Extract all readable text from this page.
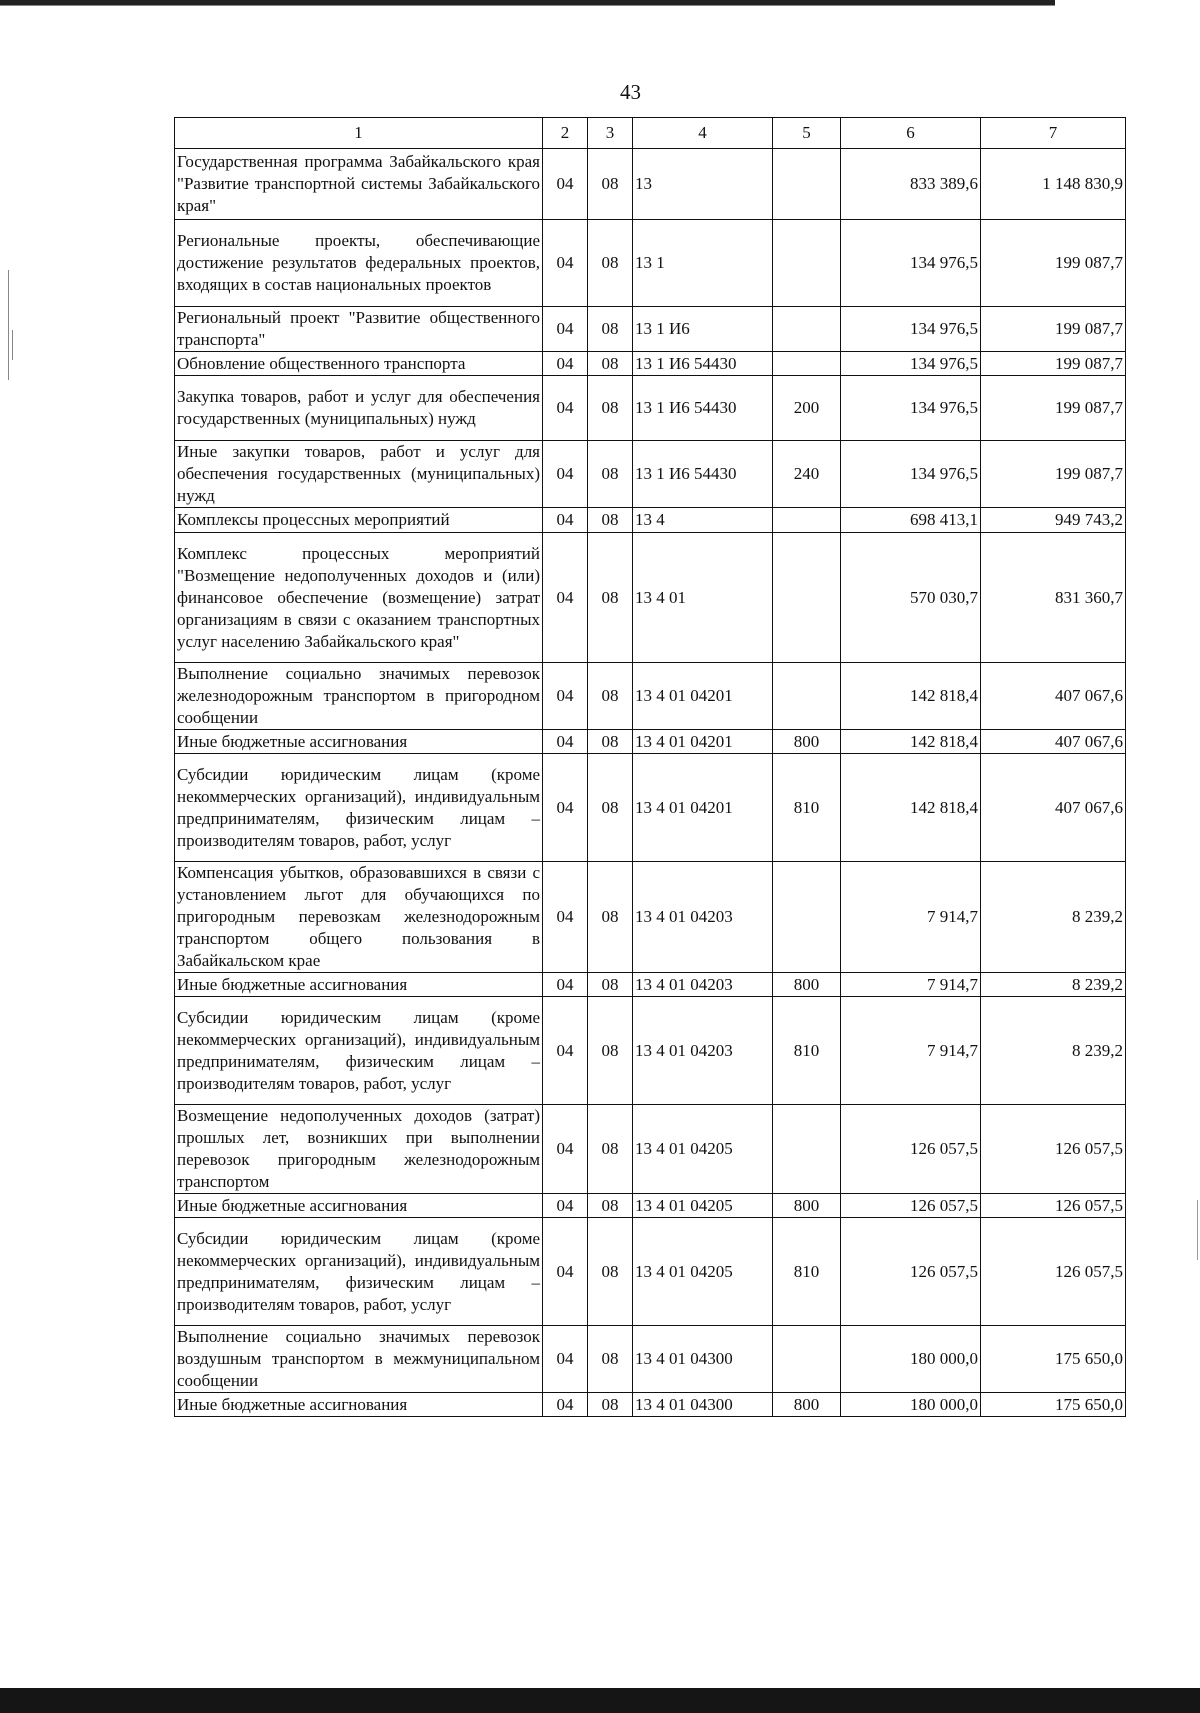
43
1	2	3	4	5	6	7
Государственная программа Забайкальского края "Развитие транспортной системы Забайкальского края"	04	08	13		833 389,6	1 148 830,9
Региональные проекты, обеспечивающие достижение результатов федеральных проектов, входящих в состав национальных проектов	04	08	13 1		134 976,5	199 087,7
Региональный проект "Развитие общественного транспорта"	04	08	13 1 И6		134 976,5	199 087,7
Обновление общественного транспорта	04	08	13 1 И6 54430		134 976,5	199 087,7
Закупка товаров, работ и услуг для обеспечения государственных (муниципальных) нужд	04	08	13 1 И6 54430	200	134 976,5	199 087,7
Иные закупки товаров, работ и услуг для обеспечения государственных (муниципальных) нужд	04	08	13 1 И6 54430	240	134 976,5	199 087,7
Комплексы процессных мероприятий	04	08	13 4		698 413,1	949 743,2
Комплекс процессных мероприятий "Возмещение недополученных доходов и (или) финансовое обеспечение (возмещение) затрат организациям в связи с оказанием транспортных услуг населению Забайкальского края"	04	08	13 4 01		570 030,7	831 360,7
Выполнение социально значимых перевозок железнодорожным транспортом в пригородном сообщении	04	08	13 4 01 04201		142 818,4	407 067,6
Иные бюджетные ассигнования	04	08	13 4 01 04201	800	142 818,4	407 067,6
Субсидии юридическим лицам (кроме некоммерческих организаций), индивидуальным предпринимателям, физическим лицам – производителям товаров, работ, услуг	04	08	13 4 01 04201	810	142 818,4	407 067,6
Компенсация убытков, образовавшихся в связи с установлением льгот для обучающихся по пригородным перевозкам железнодорожным транспортом общего пользования в Забайкальском крае	04	08	13 4 01 04203		7 914,7	8 239,2
Иные бюджетные ассигнования	04	08	13 4 01 04203	800	7 914,7	8 239,2
Субсидии юридическим лицам (кроме некоммерческих организаций), индивидуальным предпринимателям, физическим лицам – производителям товаров, работ, услуг	04	08	13 4 01 04203	810	7 914,7	8 239,2
Возмещение недополученных доходов (затрат) прошлых лет, возникших при выполнении перевозок пригородным железнодорожным транспортом	04	08	13 4 01 04205		126 057,5	126 057,5
Иные бюджетные ассигнования	04	08	13 4 01 04205	800	126 057,5	126 057,5
Субсидии юридическим лицам (кроме некоммерческих организаций), индивидуальным предпринимателям, физическим лицам – производителям товаров, работ, услуг	04	08	13 4 01 04205	810	126 057,5	126 057,5
Выполнение социально значимых перевозок воздушным транспортом в межмуниципальном сообщении	04	08	13 4 01 04300		180 000,0	175 650,0
Иные бюджетные ассигнования	04	08	13 4 01 04300	800	180 000,0	175 650,0
